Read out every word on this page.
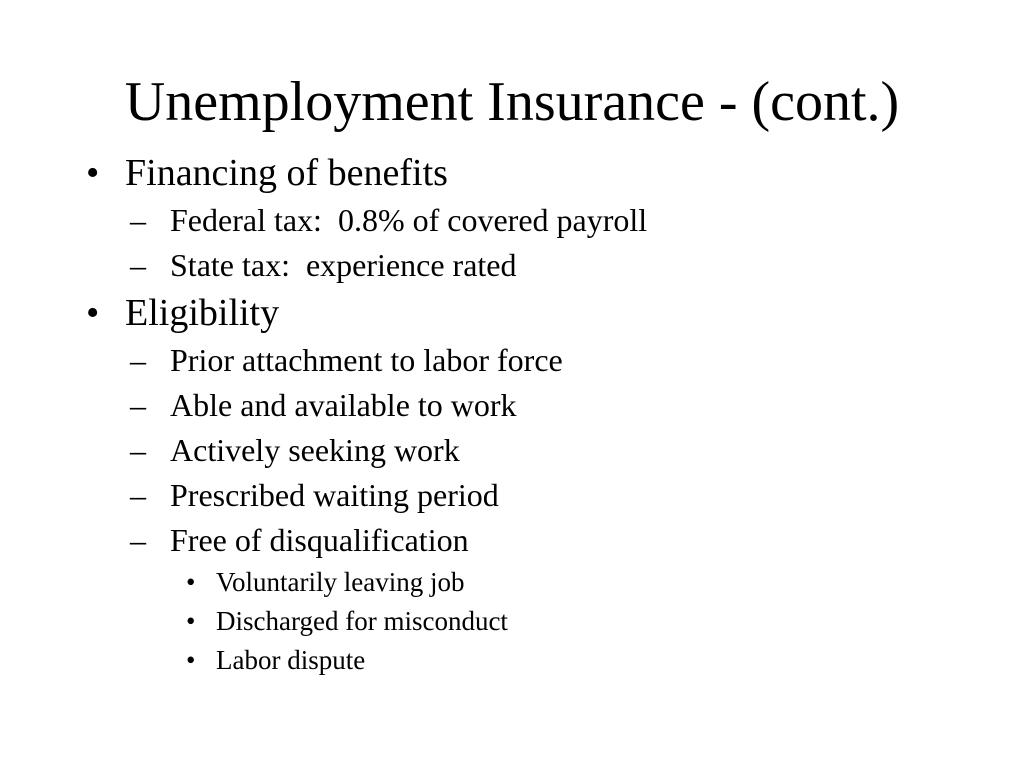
Unemployment Insurance - (cont.)
• Financing of benefits
– Federal tax:  0.8% of covered payroll
– State tax:  experience rated
• Eligibility
– Prior attachment to labor force
– Able and available to work
– Actively seeking work
– Prescribed waiting period
– Free of disqualification
• Voluntarily leaving job
• Discharged for misconduct
• Labor dispute
